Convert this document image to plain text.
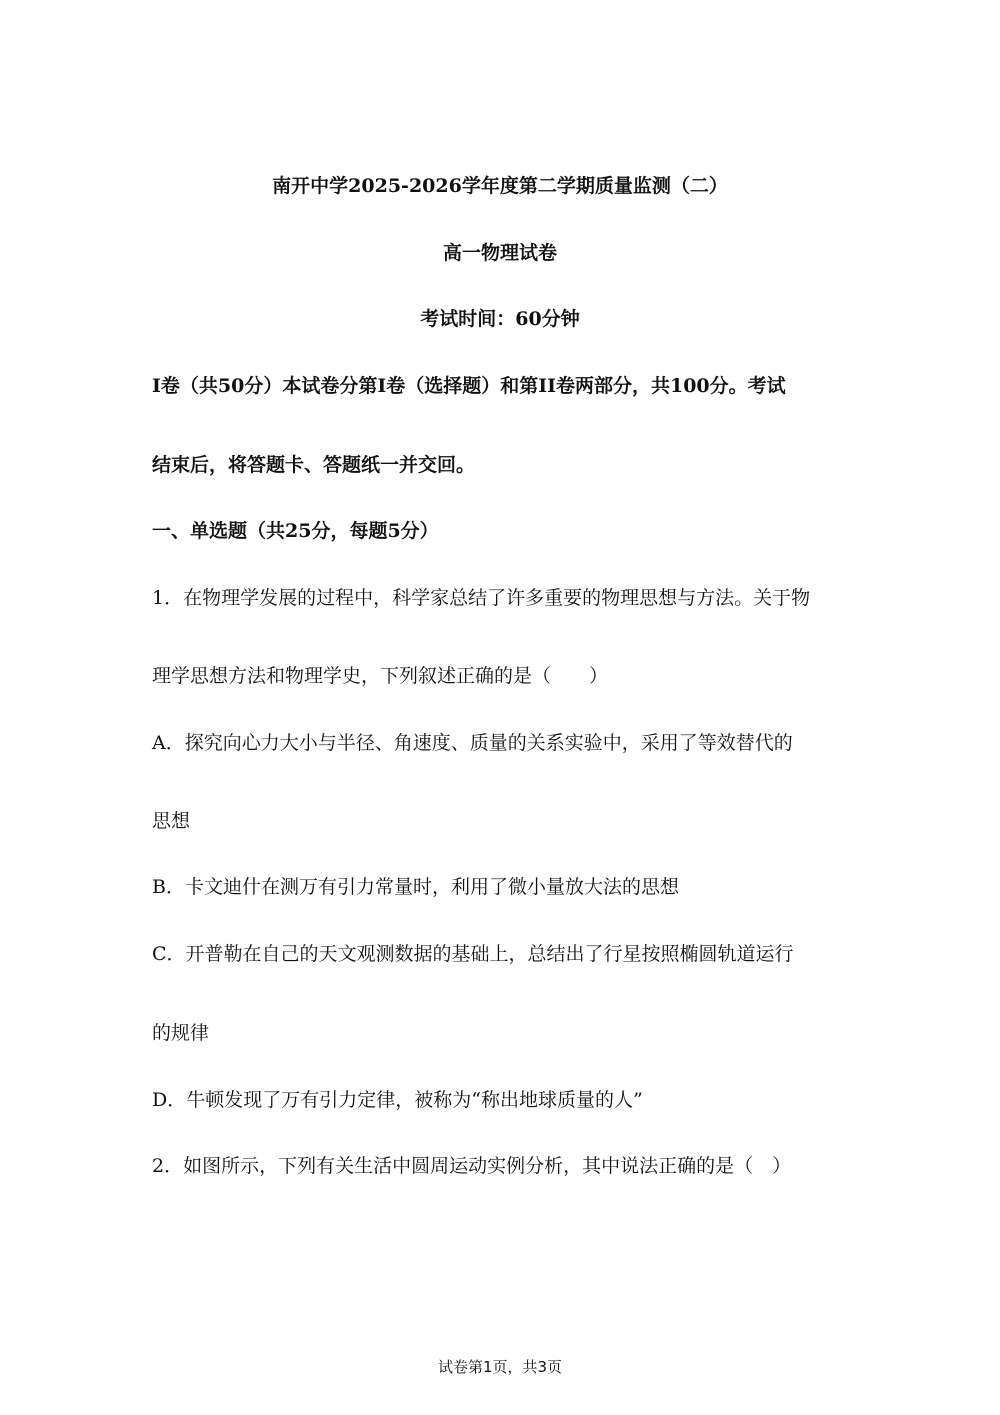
南开中学2025-2026学年度第二学期质量监测（二）
高一物理试卷
考试时间：60分钟
I卷（共50分）本试卷分第I卷（选择题）和第II卷两部分，共100分。考试
结束后，将答题卡、答题纸一并交回。
一、单选题（共25分，每题5分）
1．在物理学发展的过程中，科学家总结了许多重要的物理思想与方法。关于物
理学思想方法和物理学史，下列叙述正确的是（　　）
A．探究向心力大小与半径、角速度、质量的关系实验中，采用了等效替代的
思想
B．卡文迪什在测万有引力常量时，利用了微小量放大法的思想
C．开普勒在自己的天文观测数据的基础上，总结出了行星按照椭圆轨道运行
的规律
D．牛顿发现了万有引力定律，被称为“称出地球质量的人”
2．如图所示，下列有关生活中圆周运动实例分析，其中说法正确的是（　）
试卷第1页，共3页
